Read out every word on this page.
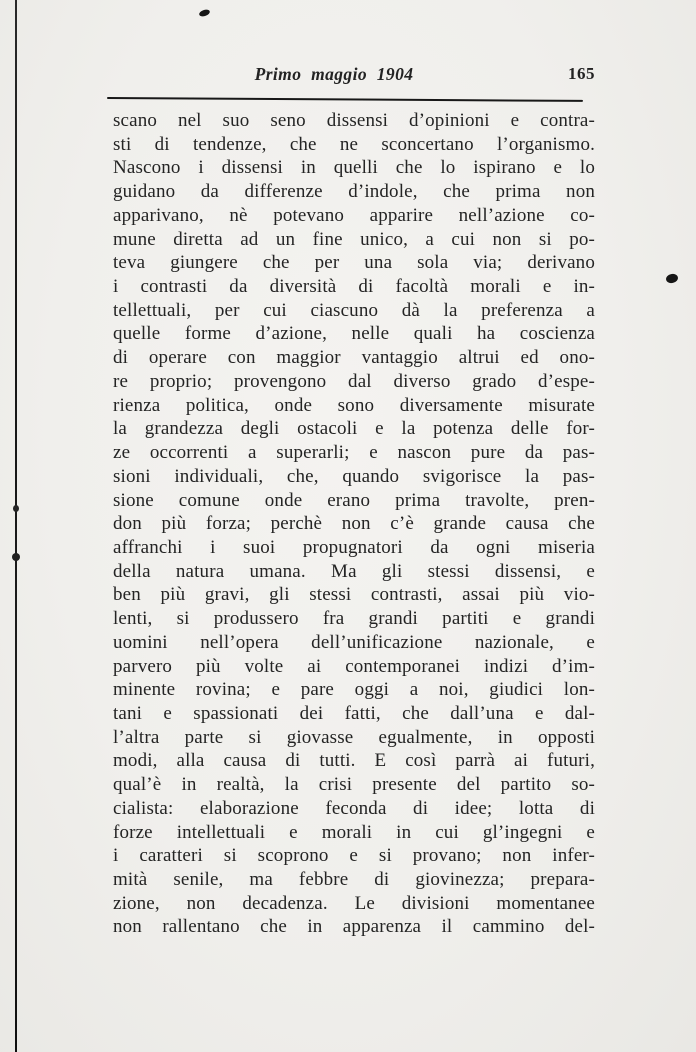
Primo maggio 1904	165
scano nel suo seno dissensi d’opinioni e contra-
sti di tendenze, che ne sconcertano l’organismo.
Nascono i dissensi in quelli che lo ispirano e lo
guidano da differenze d’indole, che prima non
apparivano, nè potevano apparire nell’azione co-
mune diretta ad un fine unico, a cui non si po-
teva giungere che per una sola via; derivano
i contrasti da diversità di facoltà morali e in-
tellettuali, per cui ciascuno dà la preferenza a
quelle forme d’azione, nelle quali ha coscienza
di operare con maggior vantaggio altrui ed ono-
re proprio; provengono dal diverso grado d’espe-
rienza politica, onde sono diversamente misurate
la grandezza degli ostacoli e la potenza delle for-
ze occorrenti a superarli; e nascon pure da pas-
sioni individuali, che, quando svigorisce la pas-
sione comune onde erano prima travolte, pren-
don più forza; perchè non c’è grande causa che
affranchi i suoi propugnatori da ogni miseria
della natura umana. Ma gli stessi dissensi, e
ben più gravi, gli stessi contrasti, assai più vio-
lenti, si produssero fra grandi partiti e grandi
uomini nell’opera dell’unificazione nazionale, e
parvero più volte ai contemporanei indizi d’im-
minente rovina; e pare oggi a noi, giudici lon-
tani e spassionati dei fatti, che dall’una e dal-
l’altra parte si giovasse egualmente, in opposti
modi, alla causa di tutti. E così parrà ai futuri,
qual’è in realtà, la crisi presente del partito so-
cialista: elaborazione feconda di idee; lotta di
forze intellettuali e morali in cui gl’ingegni e
i caratteri si scoprono e si provano; non infer-
mità senile, ma febbre di giovinezza; prepara-
zione, non decadenza. Le divisioni momentanee
non rallentano che in apparenza il cammino del-
